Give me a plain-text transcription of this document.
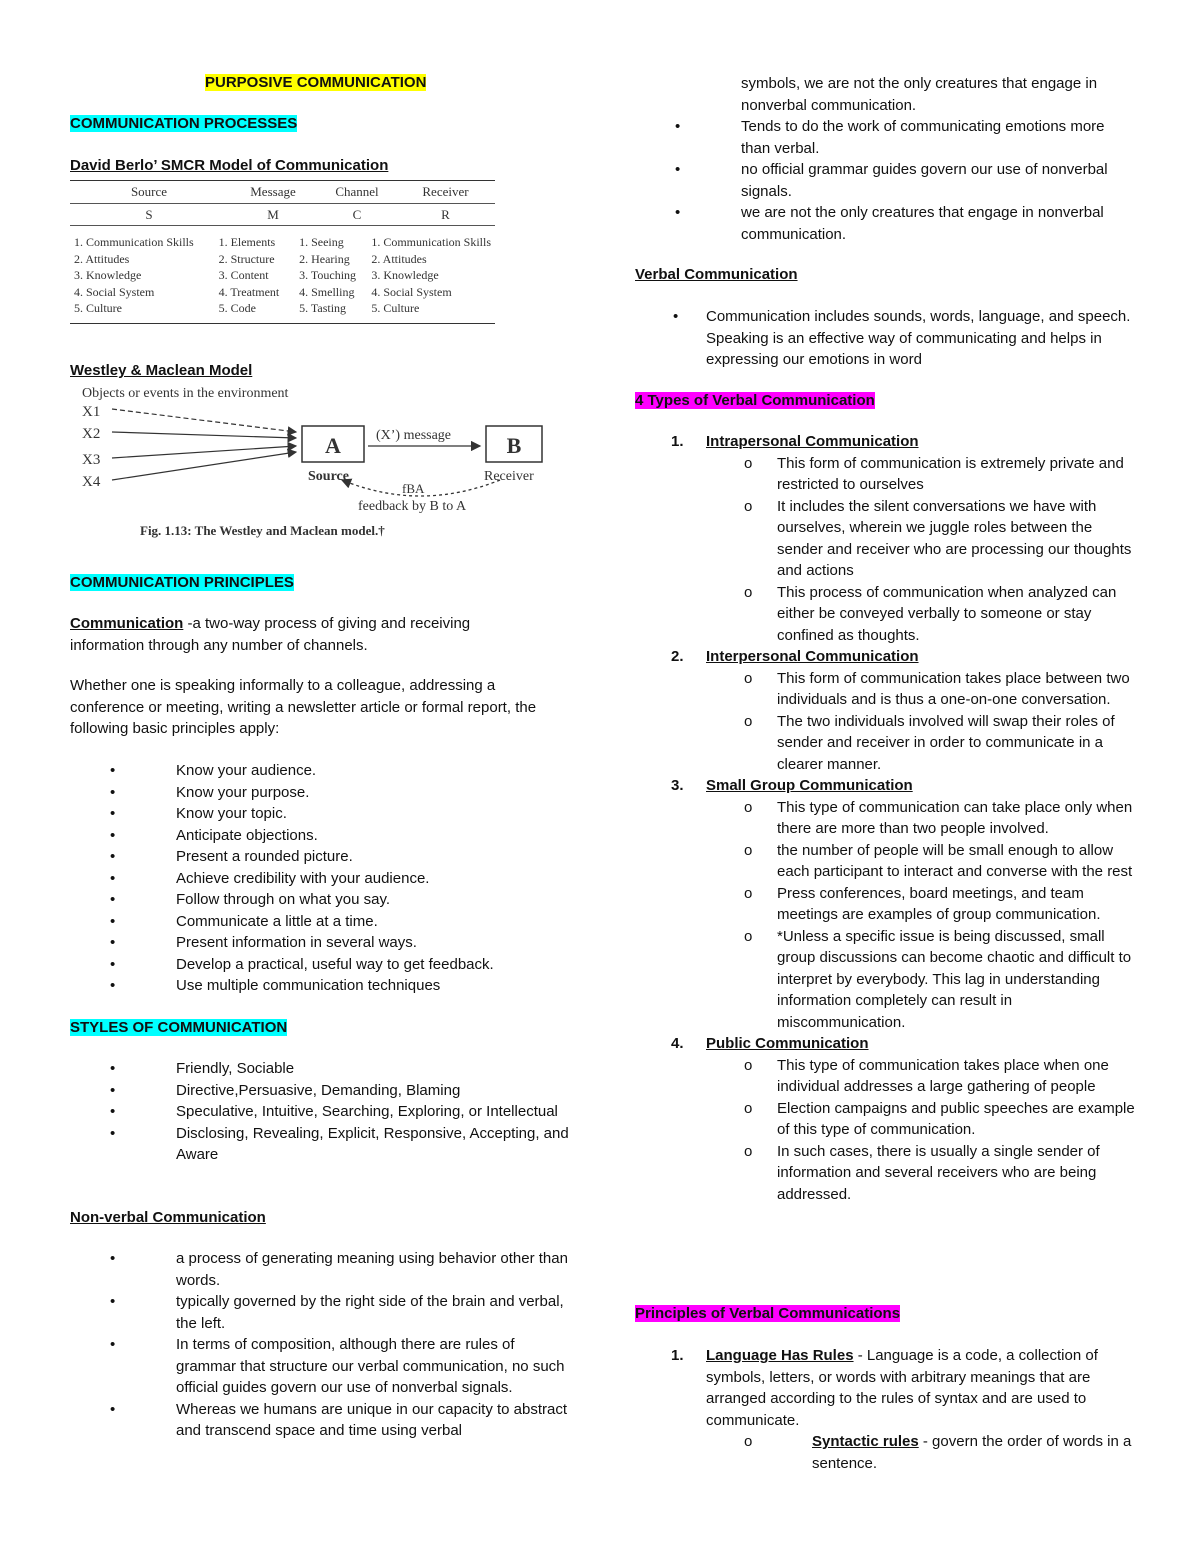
PURPOSIVE COMMUNICATION
COMMUNICATION PROCESSES
David Berlo’ SMCR Model of Communication
Source	Message	Channel	Receiver
S	M	C	R
1. Communication Skills	1. Elements	1. Seeing	1. Communication Skills
2. Attitudes	2. Structure	2. Hearing	2. Attitudes
3. Knowledge	3. Content	3. Touching	3. Knowledge
4. Social System	4. Treatment	4. Smelling	4. Social System
5. Culture	5. Code	5. Tasting	5. Culture
Westley & Maclean Model
Objects or events in the environment
X1
X2
X3
X4
A	B
(X’) message
Source	Receiver
fBA
feedback by B to A
Fig. 1.13: The Westley and Maclean model.†
COMMUNICATION PRINCIPLES
Communication -a two-way process of giving and receiving information through any number of channels.
Whether one is speaking informally to a colleague, addressing a conference or meeting, writing a newsletter article or formal report, the following basic principles apply:
• Know your audience.
• Know your purpose.
• Know your topic.
• Anticipate objections.
• Present a rounded picture.
• Achieve credibility with your audience.
• Follow through on what you say.
• Communicate a little at a time.
• Present information in several ways.
• Develop a practical, useful way to get feedback.
• Use multiple communication techniques
STYLES OF COMMUNICATION
• Friendly, Sociable
• Directive,Persuasive, Demanding, Blaming
• Speculative, Intuitive, Searching, Exploring, or Intellectual
• Disclosing, Revealing, Explicit, Responsive, Accepting, and Aware
Non-verbal Communication
• a process of generating meaning using behavior other than words.
• typically governed by the right side of the brain and verbal, the left.
• In terms of composition, although there are rules of grammar that structure our verbal communication, no such official guides govern our use of nonverbal signals.
• Whereas we humans are unique in our capacity to abstract and transcend space and time using verbal
symbols, we are not the only creatures that engage in nonverbal communication.
• Tends to do the work of communicating emotions more than verbal.
• no official grammar guides govern our use of nonverbal signals.
• we are not the only creatures that engage in nonverbal communication.
Verbal Communication
• Communication includes sounds, words, language, and speech. Speaking is an effective way of communicating and helps in expressing our emotions in word
4 Types of Verbal Communication
1. Intrapersonal Communication
o This form of communication is extremely private and restricted to ourselves
o It includes the silent conversations we have with ourselves, wherein we juggle roles between the sender and receiver who are processing our thoughts and actions
o This process of communication when analyzed can either be conveyed verbally to someone or stay confined as thoughts.
2. Interpersonal Communication
o This form of communication takes place between two individuals and is thus a one-on-one conversation.
o The two individuals involved will swap their roles of sender and receiver in order to communicate in a clearer manner.
3. Small Group Communication
o This type of communication can take place only when there are more than two people involved.
o the number of people will be small enough to allow each participant to interact and converse with the rest
o Press conferences, board meetings, and team meetings are examples of group communication.
o *Unless a specific issue is being discussed, small group discussions can become chaotic and difficult to interpret by everybody. This lag in understanding information completely can result in miscommunication.
4. Public Communication
o This type of communication takes place when one individual addresses a large gathering of people
o Election campaigns and public speeches are example of this type of communication.
o In such cases, there is usually a single sender of information and several receivers who are being addressed.
Principles of Verbal Communications
1. Language Has Rules - Language is a code, a collection of symbols, letters, or words with arbitrary meanings that are arranged according to the rules of syntax and are used to communicate.
o Syntactic rules - govern the order of words in a sentence.
